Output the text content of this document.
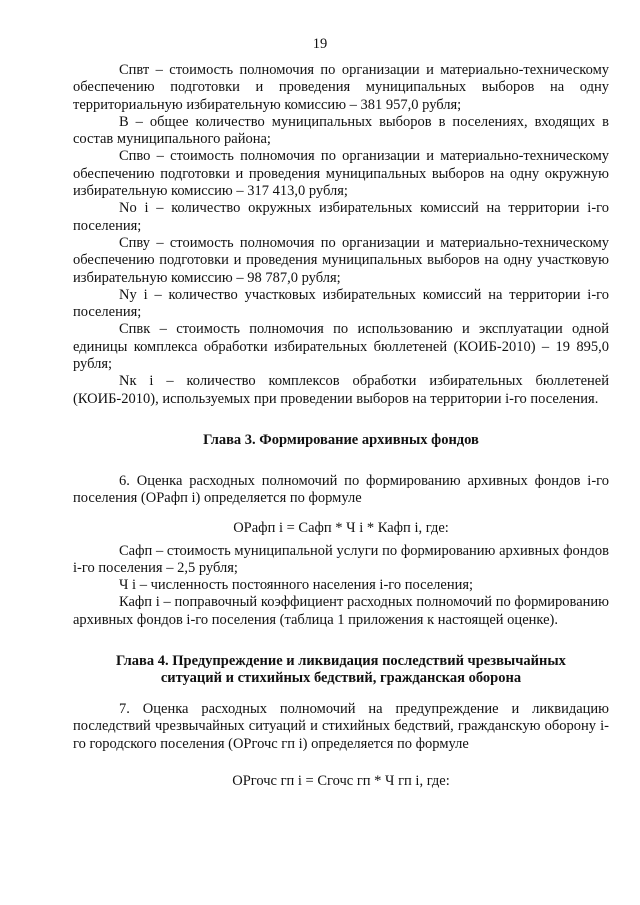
19

Спвт – стоимость полномочия по организации и материально-техническому обеспечению подготовки и проведения муниципальных выборов на одну территориальную избирательную комиссию – 381 957,0 рубля;

В – общее количество муниципальных выборов в поселениях, входящих в состав муниципального района;

Спво – стоимость полномочия по организации и материально-техническому обеспечению подготовки и проведения муниципальных выборов на одну окружную избирательную комиссию – 317 413,0 рубля;

No i – количество окружных избирательных комиссий на территории i-го поселения;

Спву – стоимость полномочия по организации и материально-техническому обеспечению подготовки и проведения муниципальных выборов на одну участковую избирательную комиссию – 98 787,0 рубля;

Ny i – количество участковых избирательных комиссий на территории i-го поселения;

Спвк – стоимость полномочия по использованию и эксплуатации одной единицы комплекса обработки избирательных бюллетеней (КОИБ-2010) – 19 895,0 рубля;

Nк i – количество комплексов обработки избирательных бюллетеней (КОИБ-2010), используемых при проведении выборов на территории i-го поселения.

Глава 3. Формирование архивных фондов

6. Оценка расходных полномочий по формированию архивных фондов i-го поселения (ОРафп i) определяется по формуле

ОРафп i = Сафп * Ч i * Кафп i, где:

Сафп – стоимость муниципальной услуги по формированию архивных фондов i-го поселения – 2,5 рубля;

Ч i – численность постоянного населения i-го поселения;

Кафп i – поправочный коэффициент расходных полномочий по формированию архивных фондов i-го поселения (таблица 1 приложения к настоящей оценке).

Глава 4. Предупреждение и ликвидация последствий чрезвычайных

ситуаций и стихийных бедствий, гражданская оборона

7. Оценка расходных полномочий на предупреждение и ликвидацию последствий чрезвычайных ситуаций и стихийных бедствий, гражданскую оборону i-го городского поселения (ОРгочс гп i) определяется по формуле

ОРгочс гп i = Сгочс гп * Ч гп i, где:
